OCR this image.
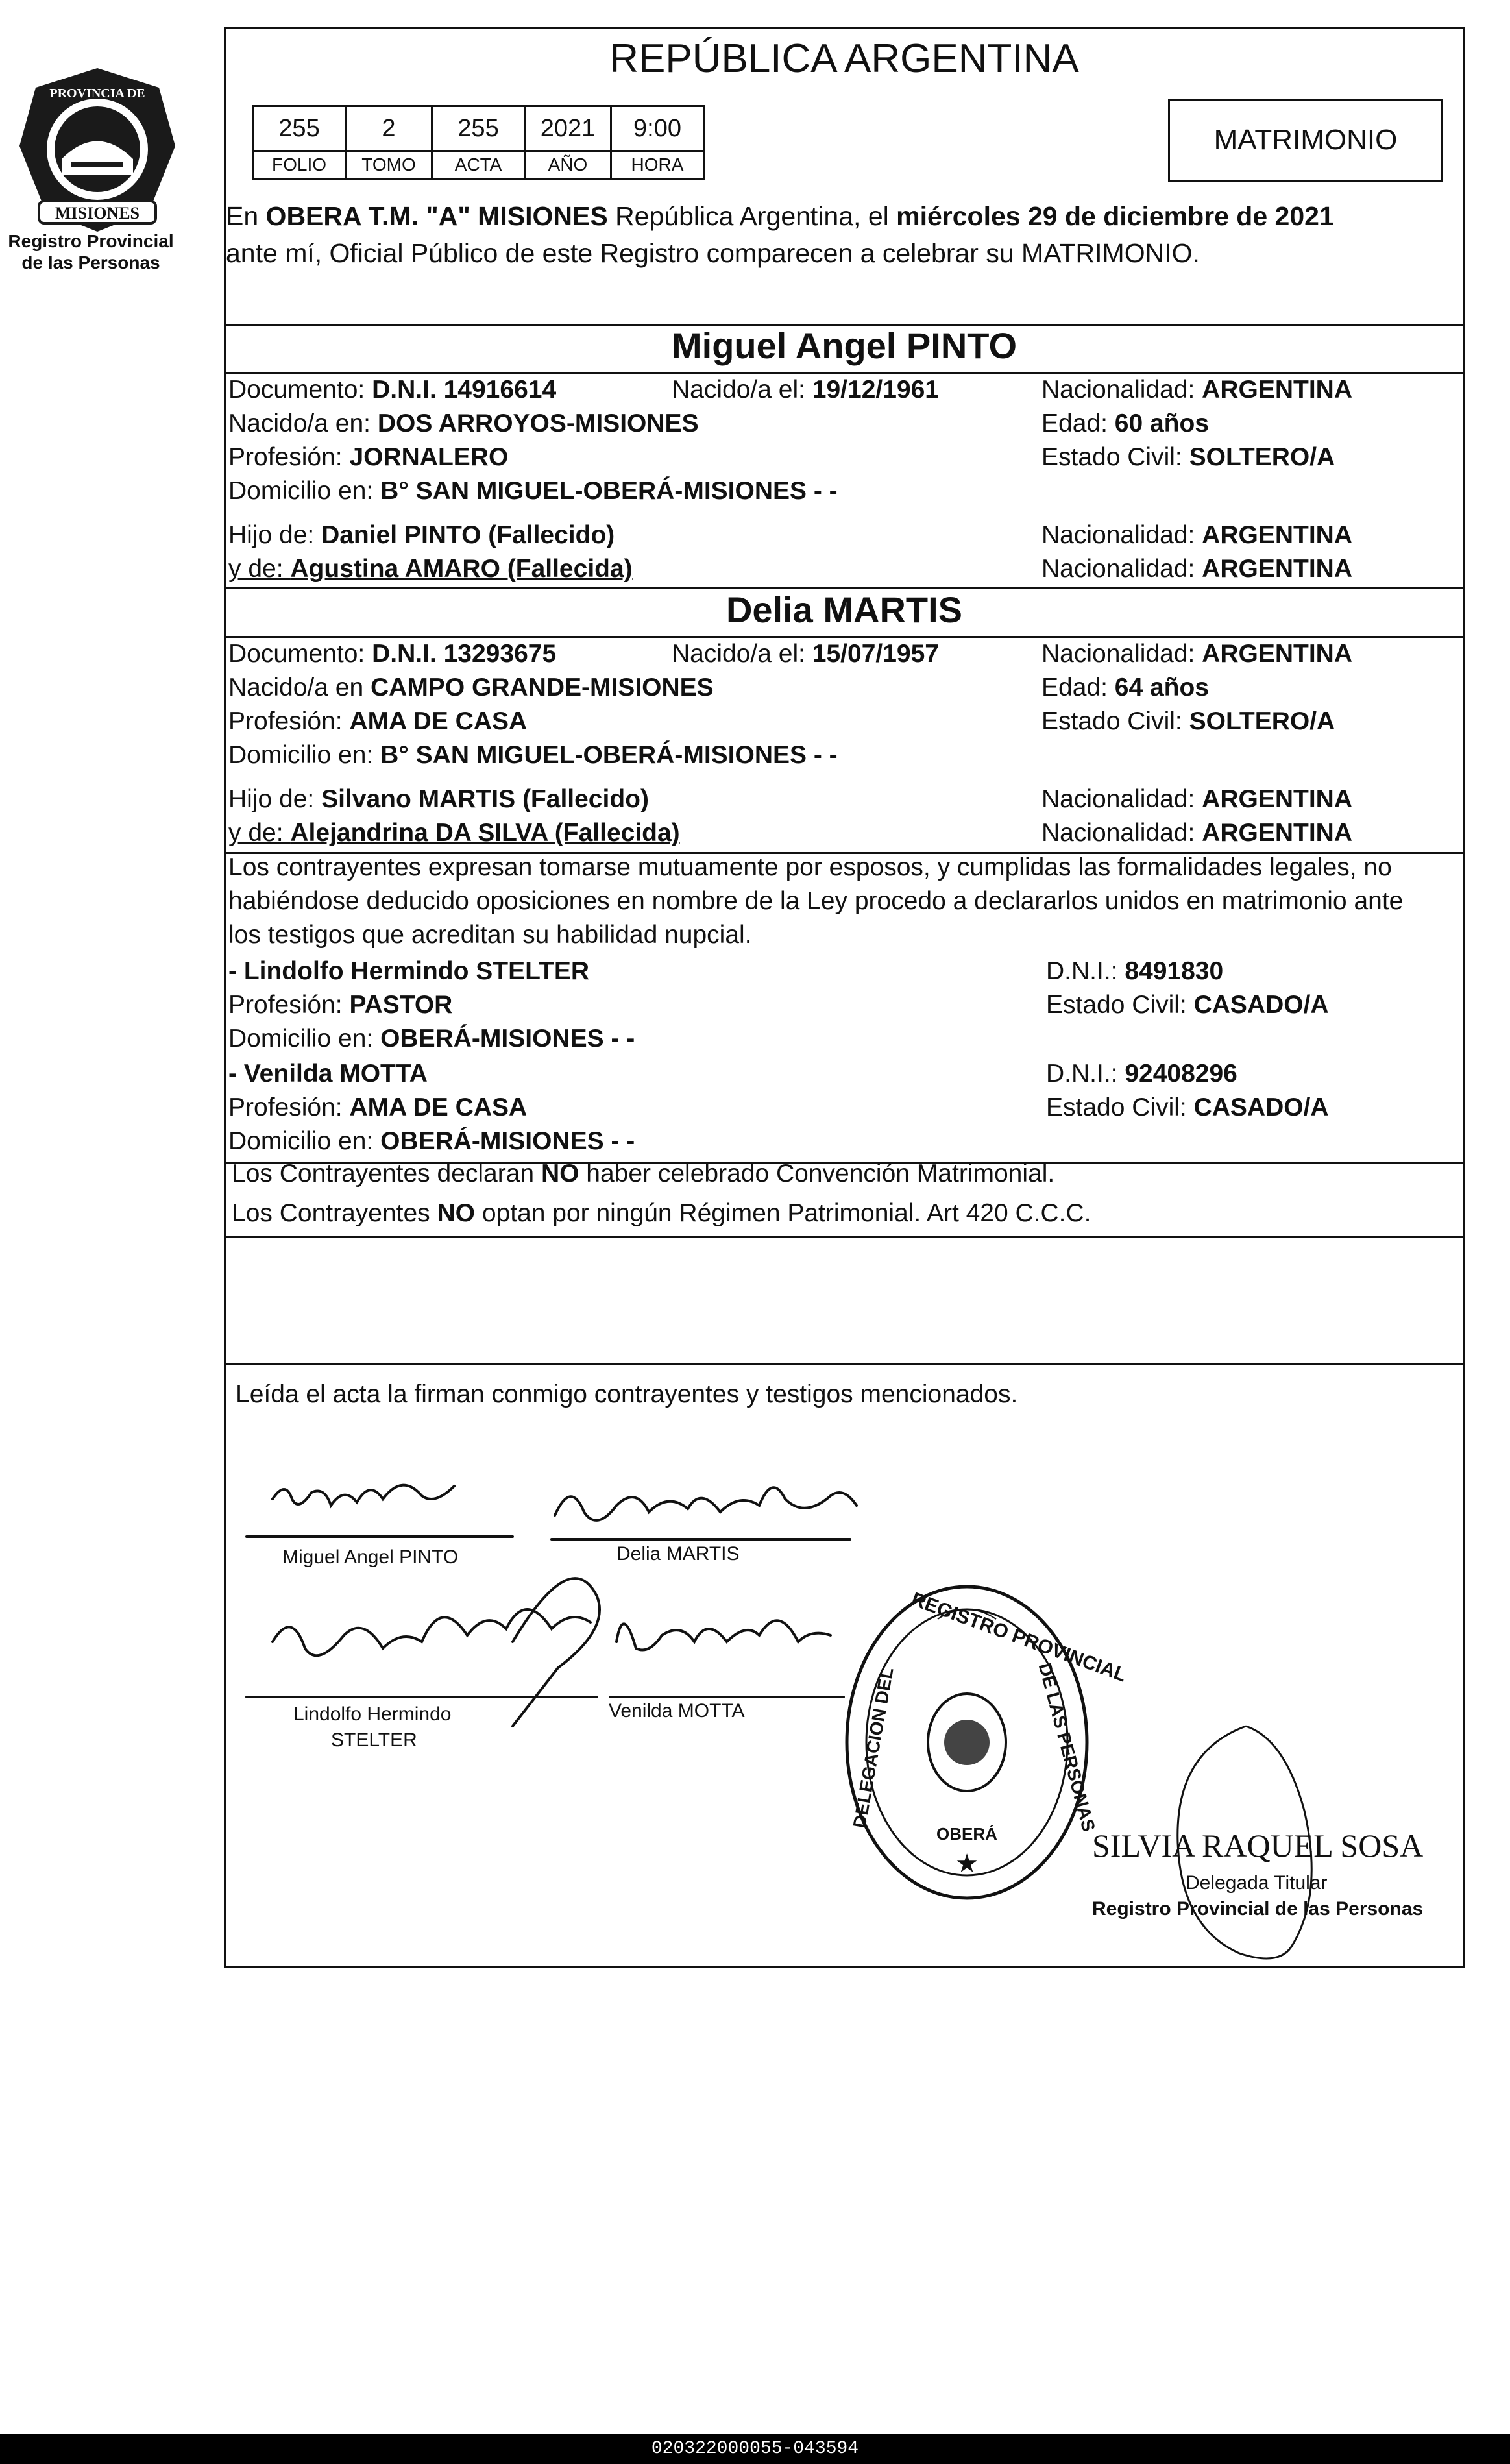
MISIONES
PROVINCIA DE
Registro Provincial
de las Personas
REPÚBLICA ARGENTINA
255	2	255	2021	9:00
FOLIO	TOMO	ACTA	AÑO	HORA
MATRIMONIO
En OBERA T.M. "A" MISIONES República Argentina, el miércoles 29 de diciembre de 2021
ante mí, Oficial Público de este Registro comparecen a celebrar su MATRIMONIO.
Miguel Angel PINTO
Documento: D.N.I. 14916614	Nacido/a el: 19/12/1961	Nacionalidad: ARGENTINA
Nacido/a en: DOS ARROYOS-MISIONES	Edad: 60 años
Profesión: JORNALERO	Estado Civil: SOLTERO/A
Domicilio en: B° SAN MIGUEL-OBERÁ-MISIONES - -
Hijo de: Daniel PINTO (Fallecido)	Nacionalidad: ARGENTINA
y de: Agustina AMARO (Fallecida)	Nacionalidad: ARGENTINA
Delia MARTIS
Documento: D.N.I. 13293675	Nacido/a el: 15/07/1957	Nacionalidad: ARGENTINA
Nacido/a en CAMPO GRANDE-MISIONES	Edad: 64 años
Profesión: AMA DE CASA	Estado Civil: SOLTERO/A
Domicilio en: B° SAN MIGUEL-OBERÁ-MISIONES - -
Hijo de: Silvano MARTIS (Fallecido)	Nacionalidad: ARGENTINA
y de: Alejandrina DA SILVA (Fallecida)	Nacionalidad: ARGENTINA
Los contrayentes expresan tomarse mutuamente por esposos, y cumplidas las formalidades legales, no
habiéndose deducido oposiciones en nombre de la Ley procedo a declararlos unidos en matrimonio ante
los testigos que acreditan su habilidad nupcial.
- Lindolfo Hermindo STELTER	D.N.I.: 8491830
Profesión: PASTOR	Estado Civil: CASADO/A
Domicilio en: OBERÁ-MISIONES - -
- Venilda MOTTA	D.N.I.: 92408296
Profesión: AMA DE CASA	Estado Civil: CASADO/A
Domicilio en: OBERÁ-MISIONES - -
Los Contrayentes declaran NO haber celebrado Convención Matrimonial.
Los Contrayentes NO optan por ningún Régimen Patrimonial. Art 420 C.C.C.
Leída el acta la firman conmigo contrayentes y testigos mencionados.
Miguel Angel PINTO	Delia MARTIS
Lindolfo Hermindo
STELTER
Venilda MOTTA
REGISTRO PROVINCIAL
DE LAS PERSONAS
DELEGACION DEL
OBERÁ
★	SILVIA RAQUEL SOSA
Delegada Titular
Registro Provincial de las Personas
020322000055-043594
